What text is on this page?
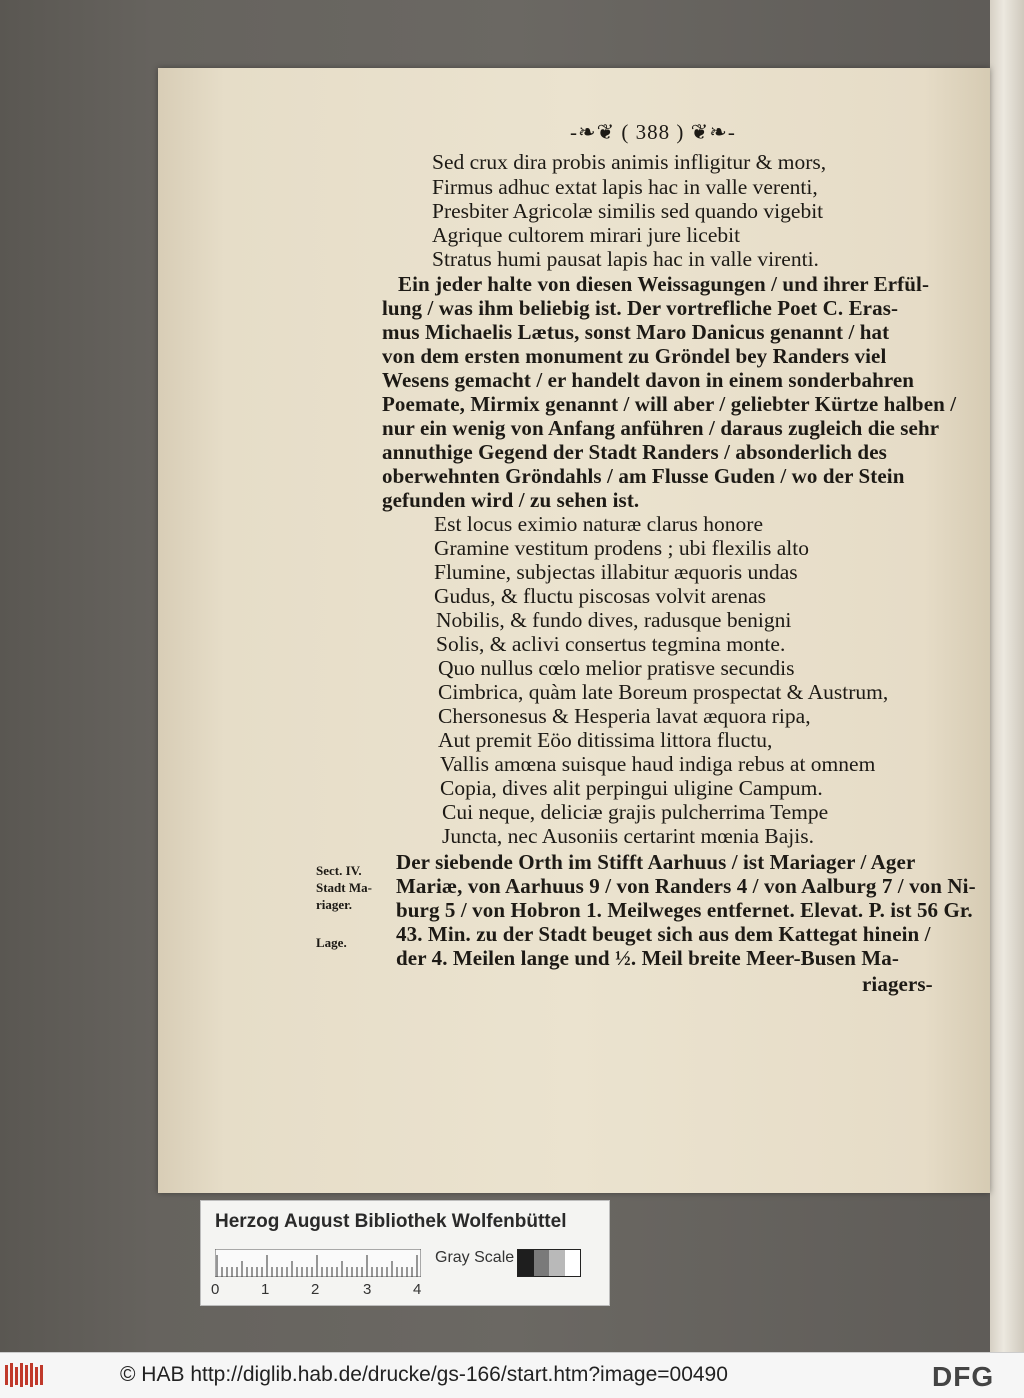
-❧❦ ( 388 ) ❦❧-
Sed crux dira probis animis infligitur & mors,
Firmus adhuc extat lapis hac in valle verenti,
Presbiter Agricolæ similis sed quando vigebit
Agrique cultorem mirari jure licebit
Stratus humi pausat lapis hac in valle virenti.
Ein jeder halte von diesen Weissagungen / und ihrer Erfül-
lung / was ihm beliebig ist. Der vortrefliche Poet C. Eras-
mus Michaelis Lætus, sonst Maro Danicus genannt / hat
von dem ersten monument zu Gröndel bey Randers viel
Wesens gemacht / er handelt davon in einem sonderbahren
Poemate, Mirmix genannt / will aber / geliebter Kürtze halben /
nur ein wenig von Anfang anführen / daraus zugleich die sehr
annuthige Gegend der Stadt Randers / absonderlich des
oberwehnten Gröndahls / am Flusse Guden / wo der Stein
gefunden wird / zu sehen ist.
Est locus eximio naturæ clarus honore
Gramine vestitum prodens ; ubi flexilis alto
Flumine, subjectas illabitur æquoris undas
Gudus, & fluctu piscosas volvit arenas
Nobilis, & fundo dives, radusque benigni
Solis, & aclivi consertus tegmina monte.
Quo nullus cœlo melior pratisve secundis
Cimbrica, quàm late Boreum prospectat & Austrum,
Chersonesus & Hesperia lavat æquora ripa,
Aut premit Eöo ditissima littora fluctu,
Vallis amœna suisque haud indiga rebus at omnem
Copia, dives alit perpingui uligine Campum.
Cui neque, deliciæ grajis pulcherrima Tempe
Juncta, nec Ausoniis certarint mœnia Bajis.
Der siebende Orth im Stifft Aarhuus / ist Mariager / Ager
Mariæ, von Aarhuus 9 / von Randers 4 / von Aalburg 7 / von Ni-
burg 5 / von Hobron 1. Meilweges entfernet. Elevat. P. ist 56 Gr.
43. Min. zu der Stadt beuget sich aus dem Kattegat hinein /
der 4. Meilen lange und ½. Meil breite Meer-Busen Ma-
riagers-
Sect. IV.
Stadt Ma-
riager.
Lage.
Herzog August Bibliothek Wolfenbüttel
0	1	2	3	4
Gray Scale
© HAB http://diglib.hab.de/drucke/gs-166/start.htm?image=00490	DFG
